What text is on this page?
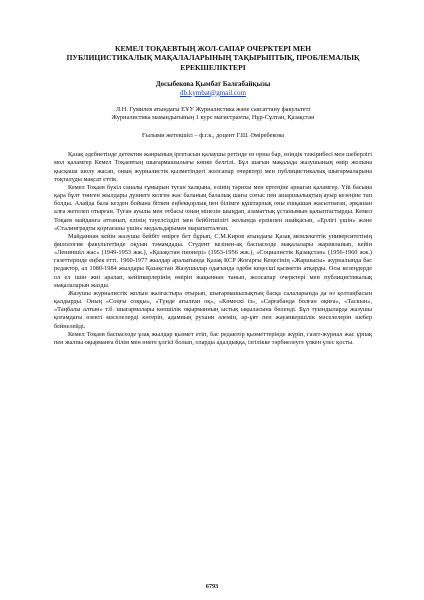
КЕМЕЛ ТОҚАЕВТЫҢ ЖОЛ-САПАР ОЧЕРКТЕРІ МЕН
ПУБЛИЦИСТИКАЛЫҚ МАҚАЛАЛАРЫНЫҢ ТАҚЫРЫПТЫҚ, ПРОБЛЕМАЛЫҚ
ЕРЕКШЕЛІКТЕРІ
Досыбекова Қымбат Балғабайқызы
db.kymbat@gmail.com
Л.Н. Гумилев атындағы ЕҰУ Журналистика және саясаттану факультеті
Журналистика мамандығының 1 курс магистранты, Нұр-Сұлтан, Қазақстан
Ғылыми жетекшісі – ф.г.к., доцент Г.Ш. Әміребекова

Қазақ әдебиетінде детектив жанрының іргетасын қалаушы ретінде өз орны бар, өзіндік тәжірибесі мен шеберлігі мол қаламгер Кемел Тоқаевтың шығармашылығы көпке белгілі. Бұл шағын мақалада жазушының өмір жолына қысқаша шолу жасап, оның журналистік қызметіндегі жолсапар очерктері мен публицистикалық шығармаларына тоқталуды мақсат еттік.

Кемел Тоқаев бүкіл саналы ғұмырын туған халқына, елінің тарихы мен ертеңіне арнаған қаламгер. Үйі басына қара бұлт төнген жылдары дүниеге келген жас баланың балалық шағы соғыс пен ашаршылықтың ауыр кезеңіне тап болды. Алайда бала кезден бойына біткен еңбекқорлық пен білімге құштарлық оны ешқашан жасытпаған, әрқашан алға жетелеп отырған. Туған ауылы мен отбасы оның мінезін шыңдап, азаматтық ұстанымын қалыптастырды. Кемел Тоқаев майданға аттанып, елінің тәуелсіздігі мен бейбітшілігі жолында ерлікпен шайқасып, «Ерлігі үшін» және «Сталинградты қорғағаны үшін» медальдарымен марапатталған.

Майданнан кейін жазушы бейбіт өмірге бет бұрып, С.М.Киров атындағы Қазақ мемлекеттік университетінің филология факультетінде оқуын тәмамдады. Студент кезінен-ақ баспасөзде мақалалары жарияланып, кейін «Лениншіл жас» (1949-1953 жж.), «Қазақстан пионері» (1953-1956 жж.), «Социалистік Қазақстан» (1956-1960 жж.) газеттерінде еңбек етті. 1960-1977 жылдар аралығында Қазақ КСР Жоғарғы Кеңесінің «Жаршысы» журналында бас редактор, ал 1980-1984 жылдары Қазақстан Жазушылар одағында әдеби кеңесші қызметін атқарды. Осы кезеңдерде ол ел ішін жиі аралап, кейіпкерлерінің өмірін жақыннан танып, жолсапар очерктері мен публицистикалық мақалаларын жазды.

Жазушы журналистік жолын жалғастыра отырып, шығармашылықтың басқа салаларында да өз қолтаңбасын қалдырды. Оның «Соңғы соққы», «Түнде атылған оқ», «Көмескі із», «Сарғабанда болған оқиға», «Таскын», «Таңбалы алтын» т.б. шығармалары көпшілік оқырманның ыстық ықыласына бөленді. Бұл туындыларда жазушы қоғамдағы өзекті мәселелерді көтеріп, адамның рухани әлемін, ар-ұят пен жауапкершілік мәселелерін шебер бейнелейді.

Кемел Тоқаев баспасөзде ұзақ жылдар қызмет етіп, бас редактор қызметтерінде жүріп, газет-журнал жас ұрпақ пен жалпы оқырманға білім мен өнеге ұлгісі болып, оларды адалдыққа, ізгілікке тәрбиелеуге үлкен үлес қосты.

6793
